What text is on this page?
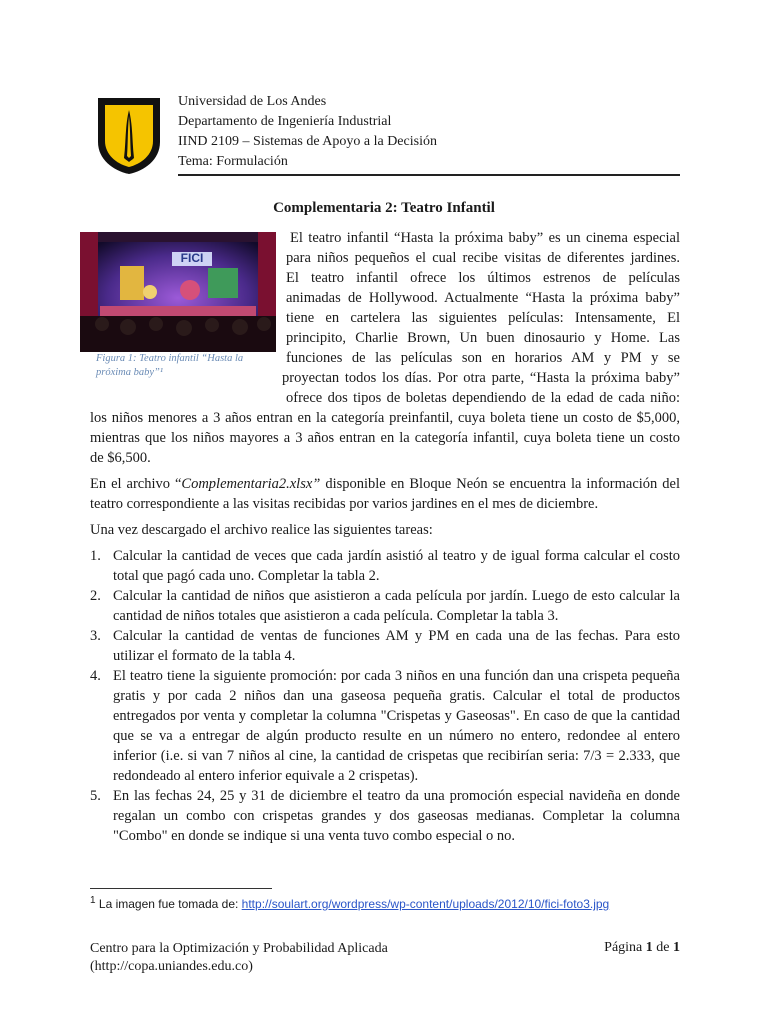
Universidad de Los Andes
Departamento de Ingeniería Industrial
IIND 2109 – Sistemas de Apoyo a la Decisión
Tema: Formulación
Complementaria 2: Teatro Infantil
FICI
Figura 1: Teatro infantil “Hasta la próxima baby”¹
El teatro infantil “Hasta la próxima baby” es un cinema especial
para niños pequeños el cual recibe visitas de diferentes jardines.
El teatro infantil ofrece los últimos estrenos de películas
animadas de Hollywood. Actualmente “Hasta la próxima baby”
tiene en cartelera las siguientes películas: Intensamente, El
principito, Charlie Brown, Un buen dinosaurio y Home. Las
funciones de las películas son en horarios AM y PM y se
proyectan todos los días. Por otra parte, “Hasta la próxima baby”
ofrece dos tipos de boletas dependiendo de la edad de cada niño:
los niños menores a 3 años entran en la categoría preinfantil, cuya boleta tiene un costo de $5,000,
mientras que los niños mayores a 3 años entran en la categoría infantil, cuya boleta tiene un costo
de $6,500.

En el archivo “Complementaria2.xlsx” disponible en Bloque Neón se encuentra la información del teatro correspondiente a las visitas recibidas por varios jardines en el mes de diciembre.

Una vez descargado el archivo realice las siguientes tareas:
1. Calcular la cantidad de veces que cada jardín asistió al teatro y de igual forma calcular el costo total que pagó cada uno. Completar la tabla 2.
2. Calcular la cantidad de niños que asistieron a cada película por jardín. Luego de esto calcular la cantidad de niños totales que asistieron a cada película. Completar la tabla 3.
3. Calcular la cantidad de ventas de funciones AM y PM en cada una de las fechas. Para esto utilizar el formato de la tabla 4.
4. El teatro tiene la siguiente promoción: por cada 3 niños en una función dan una crispeta pequeña gratis y por cada 2 niños dan una gaseosa pequeña gratis. Calcular el total de productos entregados por venta y completar la columna "Crispetas y Gaseosas". En caso de que la cantidad que se va a entregar de algún producto resulte en un número no entero, redondee al entero inferior (i.e. si van 7 niños al cine, la cantidad de crispetas que recibirían seria: 7/3 = 2.333, que redondeado al entero inferior equivale a 2 crispetas).
5. En las fechas 24, 25 y 31 de diciembre el teatro da una promoción especial navideña en donde regalan un combo con crispetas grandes y dos gaseosas medianas. Completar la columna "Combo" en donde se indique si una venta tuvo combo especial o no.
$^1$ La imagen fue tomada de: http://soulart.org/wordpress/wp-content/uploads/2012/10/fici-foto3.jpg
Centro para la Optimización y Probabilidad Aplicada
(http://copa.uniandes.edu.co)
Página 1 de 1
